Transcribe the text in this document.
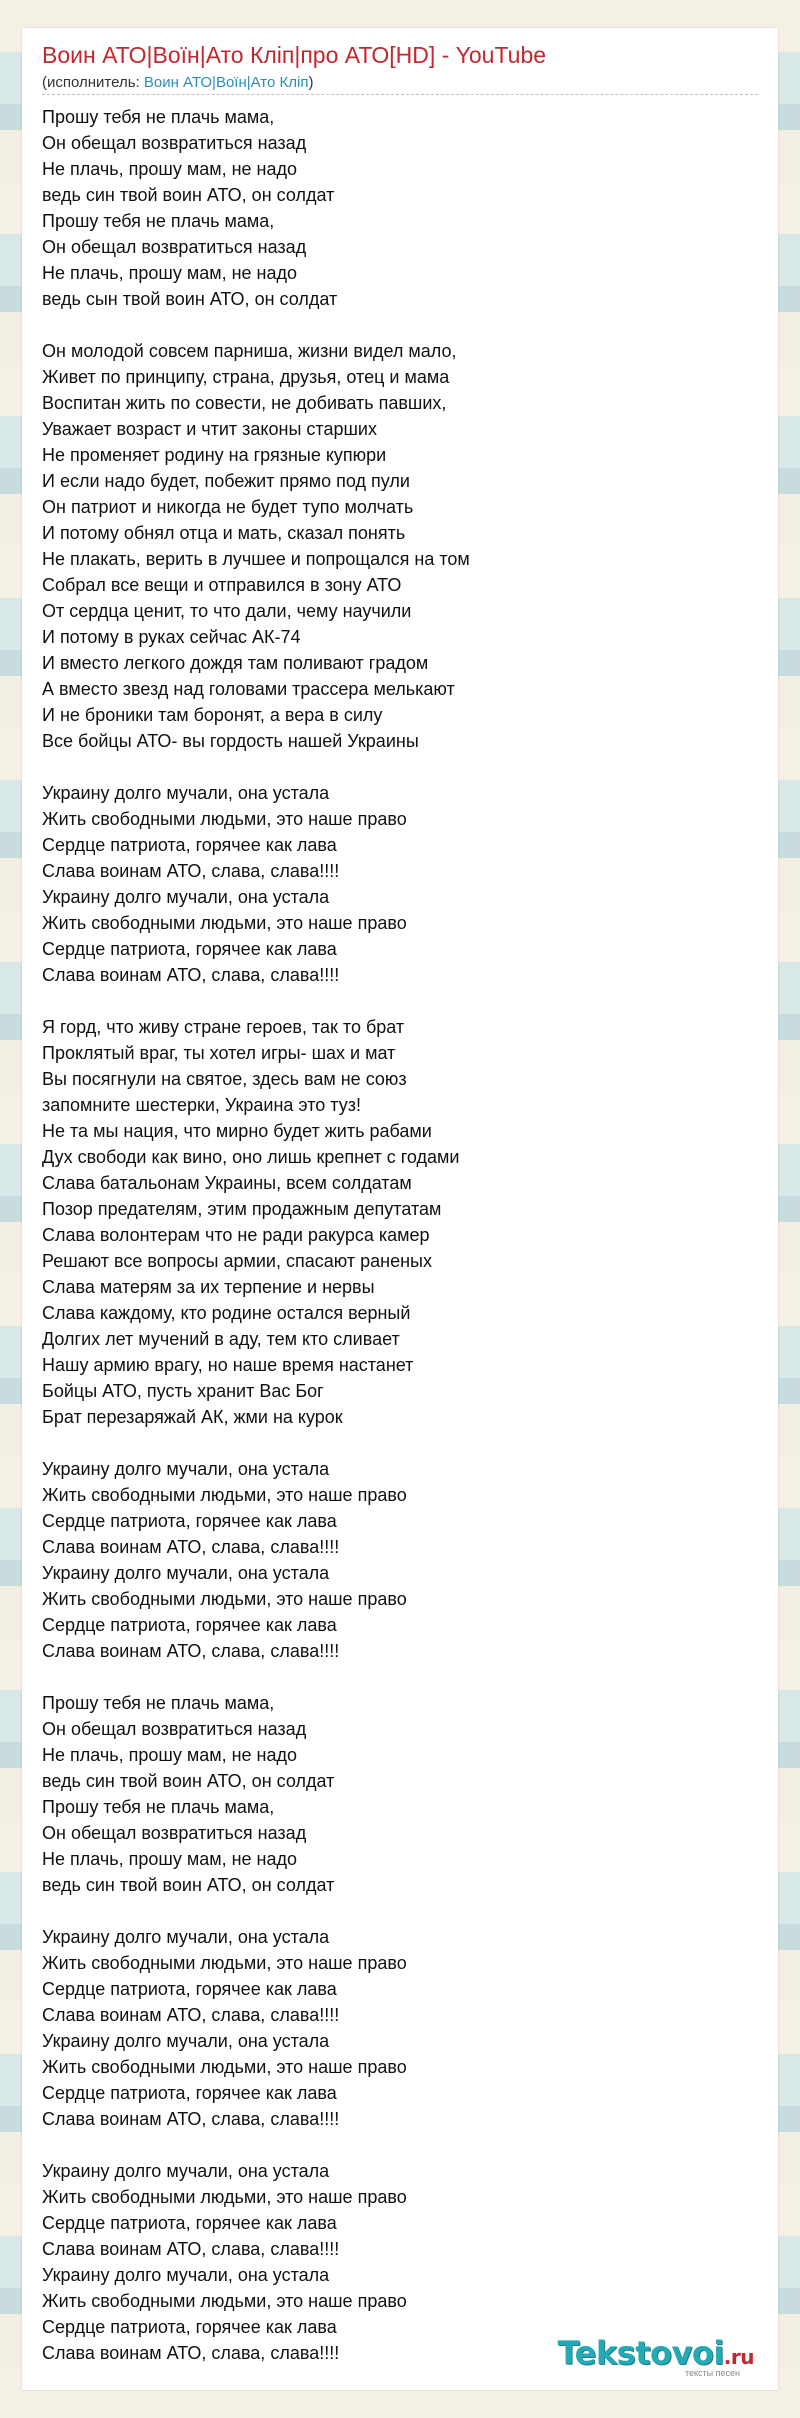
Воин АТО|Воїн|Ато Кліп|про АТО[HD] - YouTube
(исполнитель: Воин АТО|Воїн|Ато Кліп)
Прошу тебя не плачь мама,
Он обещал возвратиться назад
Не плачь, прошу мам, не надо
ведь син твой воин АТО, он солдат
Прошу тебя не плачь мама,
Он обещал возвратиться назад
Не плачь, прошу мам, не надо
ведь сын твой воин АТО, он солдат
Он молодой совсем парниша, жизни видел мало,
Живет по принципу, страна, друзья, отец и мама
Воспитан жить по совести, не добивать павших,
Уважает возраст и чтит законы старших
Не променяет родину на грязные купюри
И если надо будет, побежит прямо под пули
Он патриот и никогда не будет тупо молчать
И потому обнял отца и мать, сказал понять
Не плакать, верить в лучшее и попрощался на том
Собрал все вещи и отправился в зону АТО
От сердца ценит, то что дали, чему научили
И потому в руках сейчас АК-74
И вместо легкого дождя там поливают градом
А вместо звезд над головами трассера мелькают
И не броники там боронят, а вера в силу
Все бойцы АТО- вы гордость нашей Украины
Украину долго мучали, она устала
Жить свободными людьми, это наше право
Сердце патриота, горячее как лава
Слава воинам АТО, слава, слава!!!!
Украину долго мучали, она устала
Жить свободными людьми, это наше право
Сердце патриота, горячее как лава
Слава воинам АТО, слава, слава!!!!
Я горд, что живу стране героев, так то брат
Проклятый враг, ты хотел игры- шах и мат
Вы посягнули на святое, здесь вам не союз
запомните шестерки, Украина это туз!
Не та мы нация, что мирно будет жить рабами
Дух свободи как вино, оно лишь крепнет с годами
Слава батальонам Украины, всем солдатам
Позор предателям, этим продажным депутатам
Слава волонтерам что не ради ракурса камер
Решают все вопросы армии, спасают раненых
Слава матерям за их терпение и нервы
Слава каждому, кто родине остался верный
Долгих лет мучений в аду, тем кто сливает
Нашу армию врагу, но наше время настанет
Бойцы АТО, пусть хранит Вас Бог
Брат перезаряжай АК, жми на курок
Украину долго мучали, она устала
Жить свободными людьми, это наше право
Сердце патриота, горячее как лава
Слава воинам АТО, слава, слава!!!!
Украину долго мучали, она устала
Жить свободными людьми, это наше право
Сердце патриота, горячее как лава
Слава воинам АТО, слава, слава!!!!
Прошу тебя не плачь мама,
Он обещал возвратиться назад
Не плачь, прошу мам, не надо
ведь син твой воин АТО, он солдат
Прошу тебя не плачь мама,
Он обещал возвратиться назад
Не плачь, прошу мам, не надо
ведь син твой воин АТО, он солдат
Украину долго мучали, она устала
Жить свободными людьми, это наше право
Сердце патриота, горячее как лава
Слава воинам АТО, слава, слава!!!!
Украину долго мучали, она устала
Жить свободными людьми, это наше право
Сердце патриота, горячее как лава
Слава воинам АТО, слава, слава!!!!
Украину долго мучали, она устала
Жить свободными людьми, это наше право
Сердце патриота, горячее как лава
Слава воинам АТО, слава, слава!!!!
Украину долго мучали, она устала
Жить свободными людьми, это наше право
Сердце патриота, горячее как лава
Слава воинам АТО, слава, слава!!!!	Tekstovoi.ru
тексты песен
